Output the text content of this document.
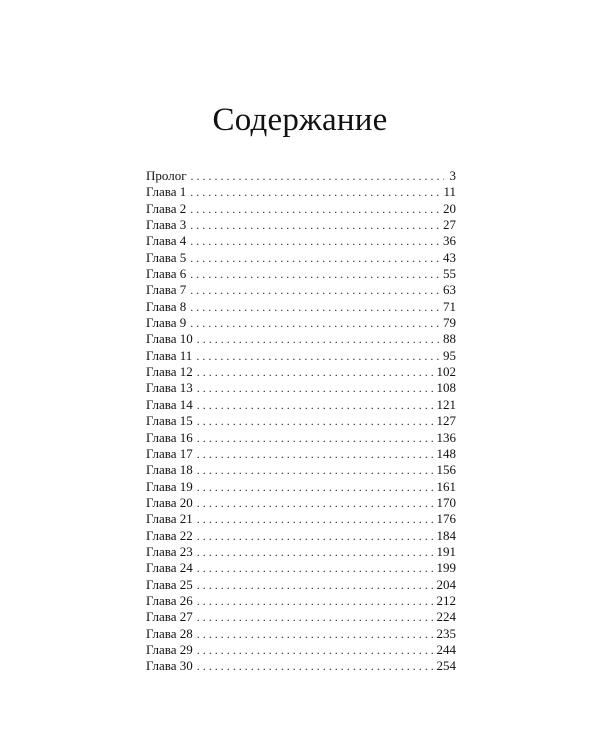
Содержание
Пролог . . .	3
Глава 1 . . .	11
Глава 2 . . .	20
Глава 3 . . .	27
Глава 4 . . .	36
Глава 5 . . .	43
Глава 6 . . .	55
Глава 7 . . .	63
Глава 8 . . .	71
Глава 9 . . .	79
Глава 10 . . .	88
Глава 11 . . .	95
Глава 12 . . .	102
Глава 13 . . .	108
Глава 14 . . .	121
Глава 15 . . .	127
Глава 16 . . .	136
Глава 17 . . .	148
Глава 18 . . .	156
Глава 19 . . .	161
Глава 20 . . .	170
Глава 21 . . .	176
Глава 22 . . .	184
Глава 23 . . .	191
Глава 24 . . .	199
Глава 25 . . .	204
Глава 26 . . .	212
Глава 27 . . .	224
Глава 28 . . .	235
Глава 29 . . .	244
Глава 30 . . .	254
